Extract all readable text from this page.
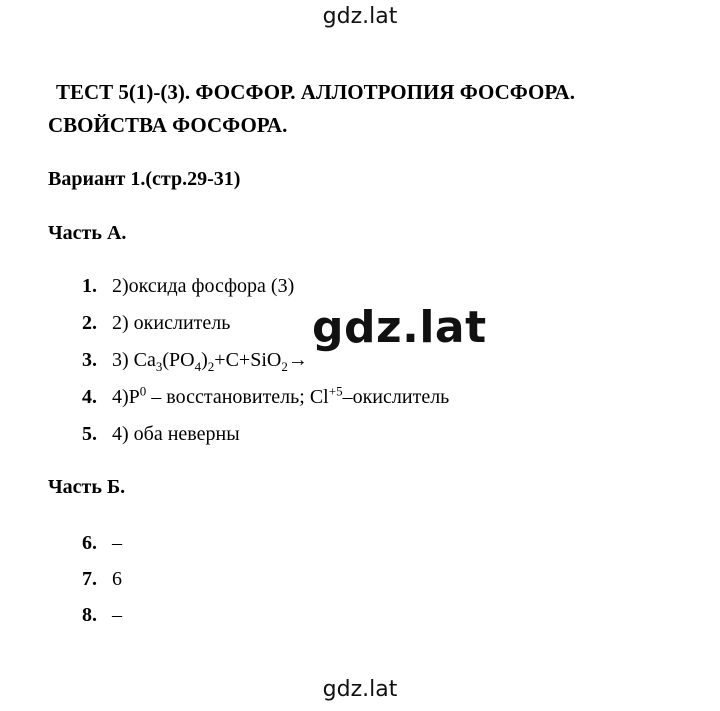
gdz.lat
ТЕСТ 5(1)-(3). ФОСФОР. АЛЛОТРОПИЯ ФОСФОРА.
СВОЙСТВА ФОСФОРА.
Вариант 1.(стр.29-31)
Часть А.
1. 2)оксида фосфора (3)
2. 2) окислитель
3. 3) $Ca_3(PO_4)_2+C+SiO_2\to$
4. $4)P^0$ – восстановитель; $Cl^{+5}$–окислитель
5. 4) оба неверны
Часть Б.
6. –
7. 6
8. –
gdz.lat
gdz.lat
